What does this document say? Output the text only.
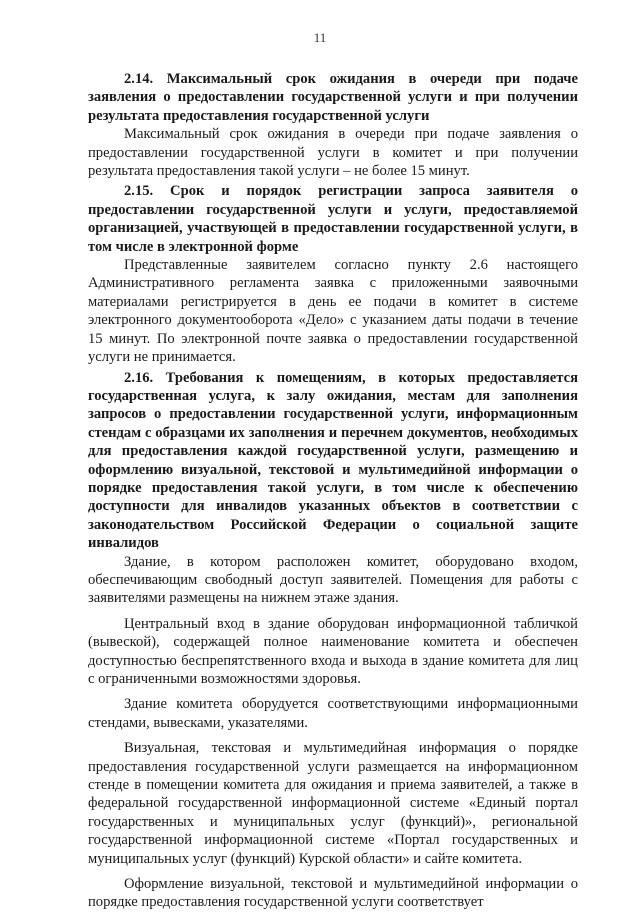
11

2.14. Максимальный срок ожидания в очереди при подаче заявления о предоставлении государственной услуги и при получении результата предоставления государственной услуги

Максимальный срок ожидания в очереди при подаче заявления о предоставлении государственной услуги в комитет и при получении результата предоставления такой услуги – не более 15 минут.

2.15. Срок и порядок регистрации запроса заявителя о предоставлении государственной услуги и услуги, предоставляемой организацией, участвующей в предоставлении государственной услуги, в том числе в электронной форме

Представленные заявителем согласно пункту 2.6 настоящего Административного регламента заявка с приложенными заявочными материалами регистрируется в день ее подачи в комитет в системе электронного документооборота «Дело» с указанием даты подачи в течение 15 минут. По электронной почте заявка о предоставлении государственной услуги не принимается.

2.16. Требования к помещениям, в которых предоставляется государственная услуга, к залу ожидания, местам для заполнения запросов о предоставлении государственной услуги, информационным стендам с образцами их заполнения и перечнем документов, необходимых для предоставления каждой государственной услуги, размещению и оформлению визуальной, текстовой и мультимедийной информации о порядке предоставления такой услуги, в том числе к обеспечению доступности для инвалидов указанных объектов в соответствии с законодательством Российской Федерации о социальной защите инвалидов

Здание, в котором расположен комитет, оборудовано входом, обеспечивающим свободный доступ заявителей. Помещения для работы с заявителями размещены на нижнем этаже здания.

Центральный вход в здание оборудован информационной табличкой (вывеской), содержащей полное наименование комитета и обеспечен доступностью беспрепятственного входа и выхода в здание комитета для лиц с ограниченными возможностями здоровья.

Здание комитета оборудуется соответствующими информационными стендами, вывесками, указателями.

Визуальная, текстовая и мультимедийная информация о порядке предоставления государственной услуги размещается на информационном стенде в помещении комитета для ожидания и приема заявителей, а также в федеральной государственной информационной системе «Единый портал государственных и муниципальных услуг (функций)», региональной государственной информационной системе «Портал государственных и муниципальных услуг (функций) Курской области» и сайте комитета.

Оформление визуальной, текстовой и мультимедийной информации о порядке предоставления государственной услуги соответствует
